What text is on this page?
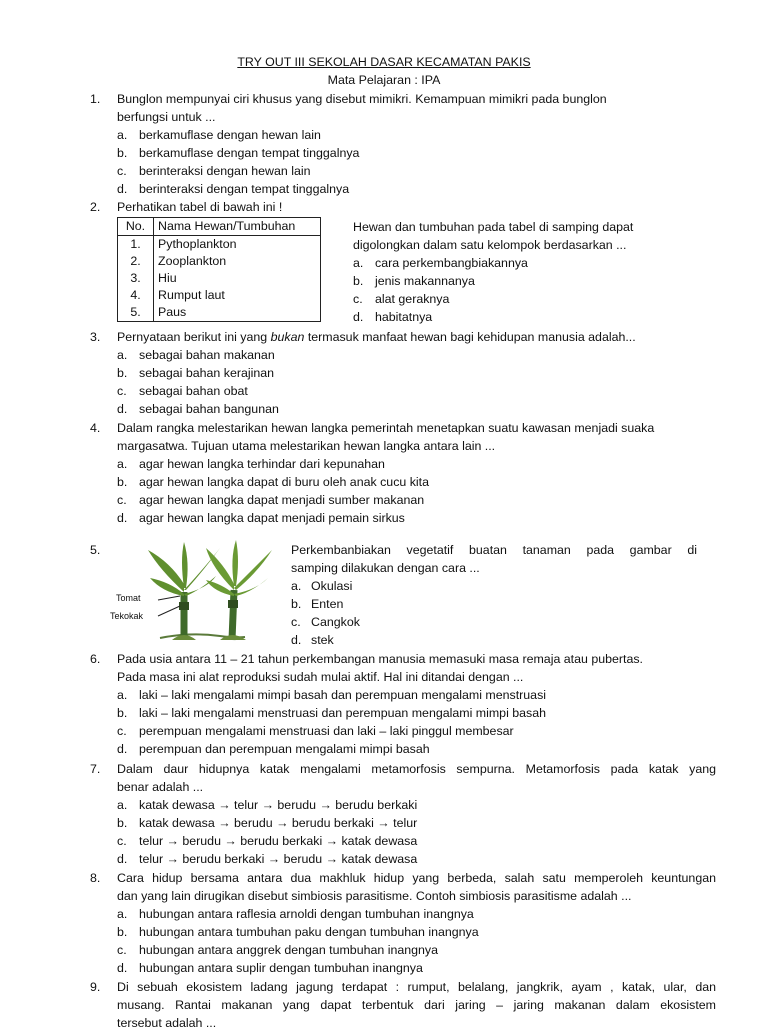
TRY OUT III SEKOLAH DASAR KECAMATAN PAKIS
Mata Pelajaran : IPA
1.	Bunglon mempunyai ciri khusus yang disebut mimikri. Kemampuan mimikri pada bunglon
berfungsi untuk ...
a. berkamuflase dengan hewan lain
b. berkamuflase dengan tempat tinggalnya
c. berinteraksi dengan hewan lain
d. berinteraksi dengan tempat tinggalnya
2.	Perhatikan tabel di bawah ini !
No.	Nama Hewan/Tumbuhan
1.	Pythoplankton
2.	Zooplankton
3.	Hiu
4.	Rumput laut
5.	Paus
Hewan dan tumbuhan pada tabel di samping dapat
digolongkan dalam satu kelompok berdasarkan ...
a. cara perkembangbiakannya
b. jenis makannanya
c. alat geraknya
d. habitatnya
3.	Pernyataan berikut ini yang bukan termasuk manfaat hewan bagi kehidupan manusia adalah...
a. sebagai bahan makanan
b. sebagai bahan kerajinan
c. sebagai bahan obat
d. sebagai bahan bangunan
4.	Dalam rangka melestarikan hewan langka pemerintah menetapkan suatu kawasan menjadi suaka
margasatwa. Tujuan utama melestarikan hewan langka antara lain ...
a. agar hewan langka terhindar dari kepunahan
b. agar hewan langka dapat di buru oleh anak cucu kita
c. agar hewan langka dapat menjadi sumber makanan
d. agar hewan langka dapat menjadi pemain sirkus
5.
Tomat
Tekokak
Perkembanbiakan vegetatif buatan tanaman pada gambar di
samping dilakukan dengan cara ...
a. Okulasi
b. Enten
c. Cangkok
d. stek
6.	Pada usia antara 11 – 21 tahun perkembangan manusia memasuki masa remaja atau pubertas.
Pada masa ini alat reproduksi sudah mulai aktif. Hal ini ditandai dengan ...
a. laki – laki mengalami mimpi basah dan perempuan mengalami menstruasi
b. laki – laki mengalami menstruasi dan perempuan mengalami mimpi basah
c. perempuan mengalami menstruasi dan laki – laki pinggul membesar
d. perempuan dan perempuan mengalami mimpi basah
7.	Dalam daur hidupnya katak mengalami metamorfosis sempurna. Metamorfosis pada katak yang
benar adalah ...
a. katak dewasa → telur → berudu → berudu berkaki
b. katak dewasa → berudu → berudu berkaki → telur
c. telur → berudu → berudu berkaki → katak dewasa
d. telur → berudu berkaki → berudu → katak dewasa
8.	Cara hidup bersama antara dua makhluk hidup yang berbeda, salah satu memperoleh keuntungan
dan yang lain dirugikan disebut simbiosis parasitisme. Contoh simbiosis parasitisme adalah ...
a. hubungan antara raflesia arnoldi dengan tumbuhan inangnya
b. hubungan antara tumbuhan paku dengan tumbuhan inangnya
c. hubungan antara anggrek dengan tumbuhan inangnya
d. hubungan antara suplir dengan tumbuhan inangnya
9.	Di sebuah ekosistem ladang jagung terdapat : rumput, belalang, jangkrik, ayam , katak, ular, dan
musang. Rantai makanan yang dapat terbentuk dari jaring – jaring makanan dalam ekosistem
tersebut adalah ...
